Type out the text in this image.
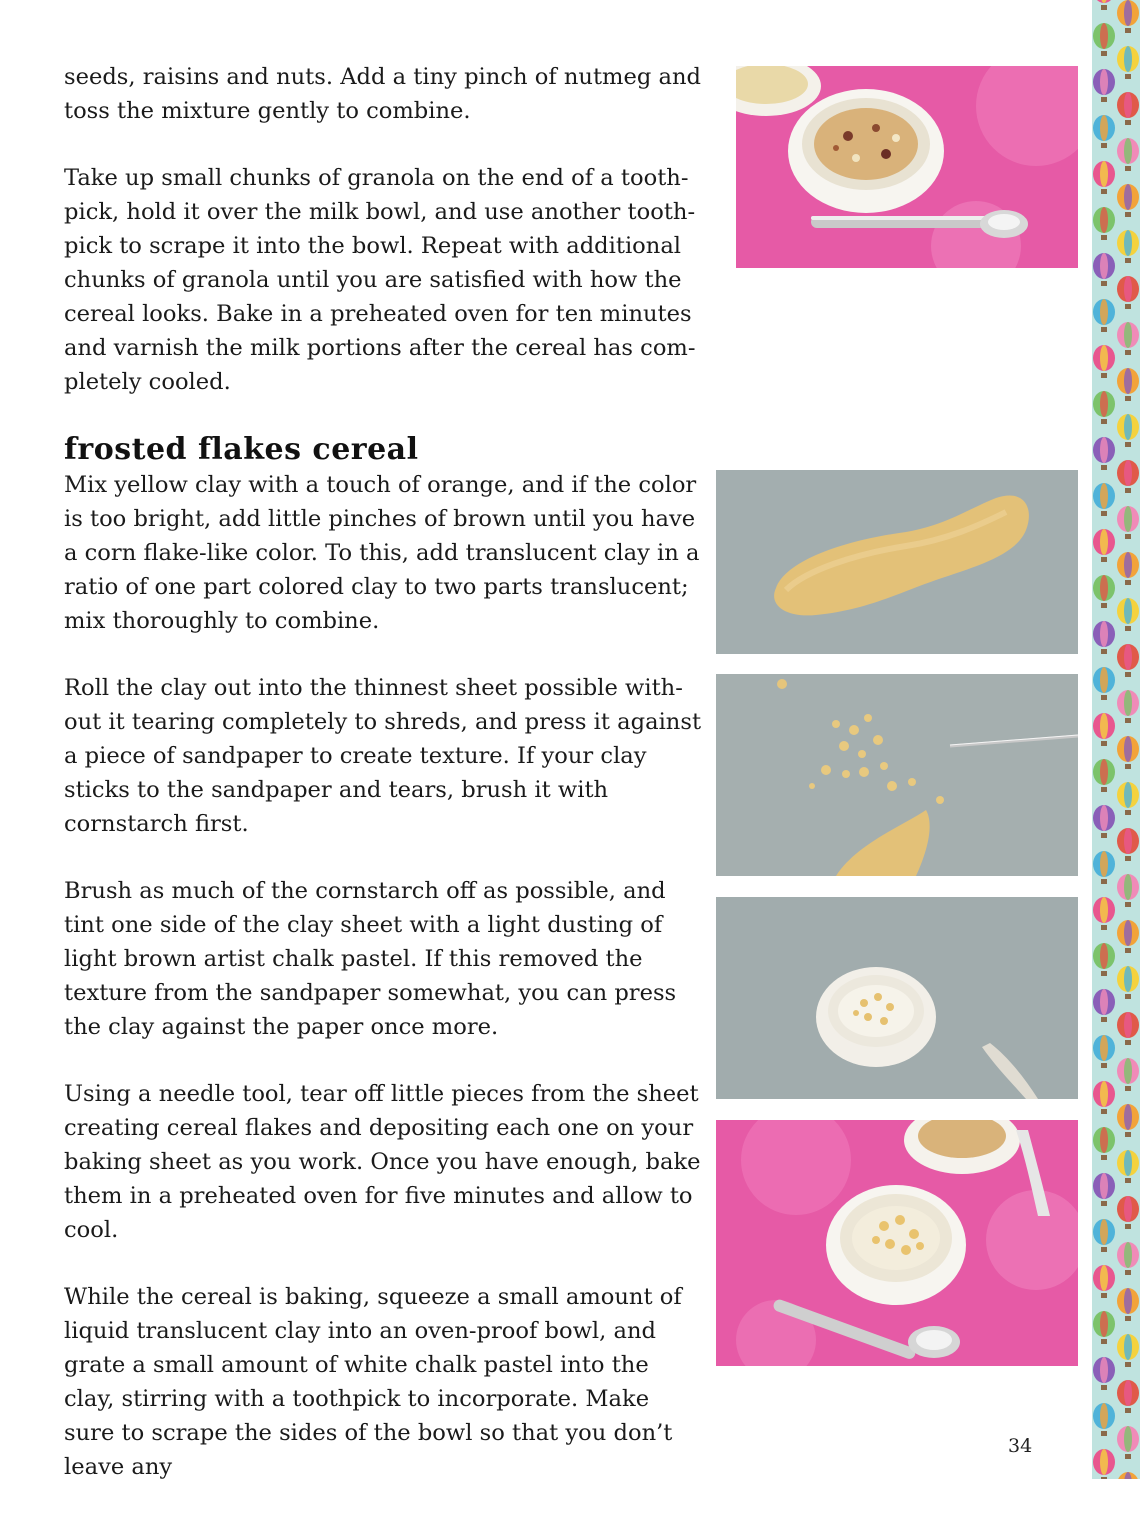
seeds, raisins and nuts. Add a tiny pinch of nutmeg and toss the mixture gently to combine.

Take up small chunks of granola on the end of a tooth-pick, hold it over the milk bowl, and use another tooth-pick to scrape it into the bowl. Repeat with additional chunks of granola until you are satisfied with how the cereal looks. Bake in a preheated oven for ten minutes and varnish the milk portions after the cereal has com-pletely cooled.

frosted flakes cereal

Mix yellow clay with a touch of orange, and if the color is too bright, add little pinches of brown until you have a corn flake-like color. To this, add translucent clay in a ratio of one part colored clay to two parts translucent; mix thoroughly to combine.

Roll the clay out into the thinnest sheet possible with-out it tearing completely to shreds, and press it against a piece of sandpaper to create texture. If your clay sticks to the sandpaper and tears, brush it with cornstarch first.

Brush as much of the cornstarch off as possible, and tint one side of the clay sheet with a light dusting of light brown artist chalk pastel. If this removed the texture from the sandpaper somewhat, you can press the clay against the paper once more.

Using a needle tool, tear off little pieces from the sheet creating cereal flakes and depositing each one on your baking sheet as you work. Once you have enough, bake them in a preheated oven for five minutes and allow to cool.

While the cereal is baking, squeeze a small amount of liquid translucent clay into an oven-proof bowl, and grate a small amount of white chalk pastel into the clay, stirring with a toothpick to incorporate. Make sure to scrape the sides of the bowl so that you don’t leave any

34
